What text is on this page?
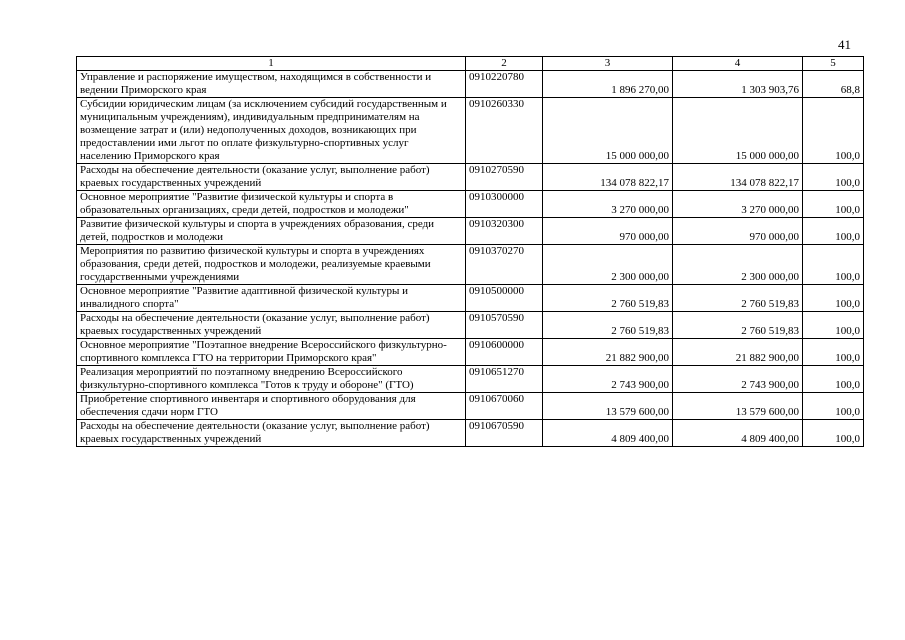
41
1	2	3	4	5
Управление и распоряжение имуществом, находящимся в собственности и ведении Приморского края	0910220780	1 896 270,00	1 303 903,76	68,8
Субсидии юридическим лицам (за исключением субсидий государственным и муниципальным учреждениям), индивидуальным предпринимателям на возмещение затрат и (или) недополученных доходов, возникающих при предоставлении ими льгот по оплате физкультурно-спортивных услуг населению Приморского края	0910260330	15 000 000,00	15 000 000,00	100,0
Расходы на обеспечение деятельности (оказание услуг, выполнение работ) краевых государственных учреждений	0910270590	134 078 822,17	134 078 822,17	100,0
Основное мероприятие "Развитие физической культуры и спорта в образовательных организациях, среди детей, подростков и молодежи"	0910300000	3 270 000,00	3 270 000,00	100,0
Развитие физической культуры и спорта в учреждениях образования, среди детей, подростков и молодежи	0910320300	970 000,00	970 000,00	100,0
Мероприятия по развитию физической культуры и спорта в учреждениях образования, среди детей, подростков и молодежи, реализуемые краевыми государственными учреждениями	0910370270	2 300 000,00	2 300 000,00	100,0
Основное мероприятие "Развитие адаптивной физической культуры и инвалидного спорта"	0910500000	2 760 519,83	2 760 519,83	100,0
Расходы на обеспечение деятельности (оказание услуг, выполнение работ) краевых государственных учреждений	0910570590	2 760 519,83	2 760 519,83	100,0
Основное мероприятие "Поэтапное внедрение Всероссийского физкультурно-спортивного комплекса ГТО на территории Приморского края"	0910600000	21 882 900,00	21 882 900,00	100,0
Реализация мероприятий по поэтапному внедрению Всероссийского физкультурно-спортивного комплекса "Готов к труду и обороне" (ГТО)	0910651270	2 743 900,00	2 743 900,00	100,0
Приобретение спортивного инвентаря и спортивного оборудования для обеспечения сдачи норм ГТО	0910670060	13 579 600,00	13 579 600,00	100,0
Расходы на обеспечение деятельности (оказание услуг, выполнение работ) краевых государственных учреждений	0910670590	4 809 400,00	4 809 400,00	100,0
